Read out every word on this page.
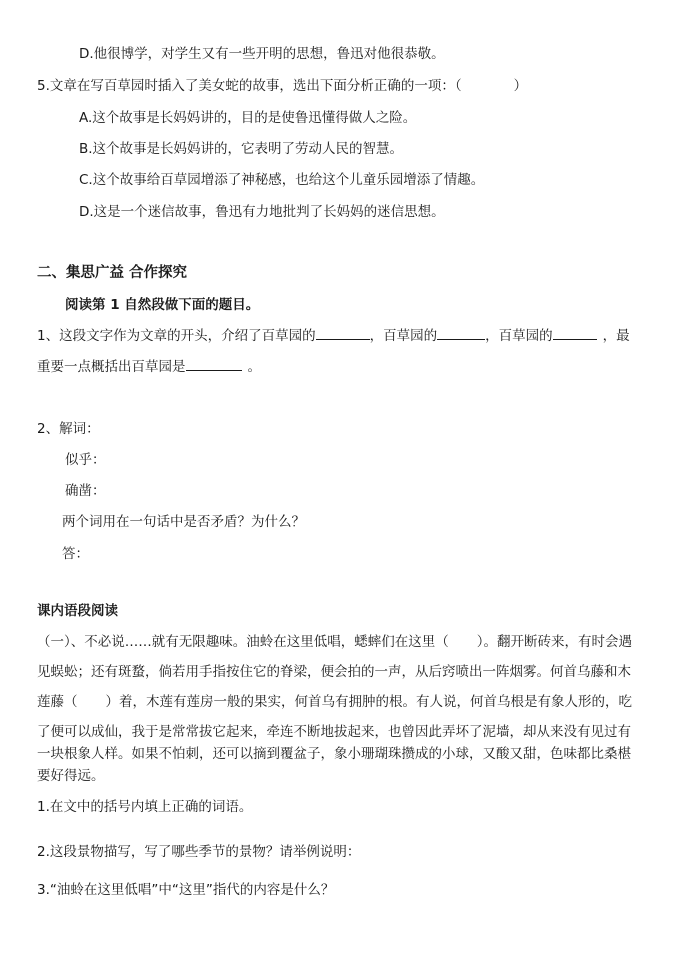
D.他很博学，对学生又有一些开明的思想，鲁迅对他很恭敬。
5.文章在写百草园时插入了美女蛇的故事，选出下面分析正确的一项：（	）
A.这个故事是长妈妈讲的，目的是使鲁迅懂得做人之险。
B.这个故事是长妈妈讲的，它表明了劳动人民的智慧。
C.这个故事给百草园增添了神秘感，也给这个儿童乐园增添了情趣。
D.这是一个迷信故事，鲁迅有力地批判了长妈妈的迷信思想。
二、集思广益 合作探究
阅读第 1 自然段做下面的题目。
1、这段文字作为文章的开头，介绍了百草园的	，百草园的	，百草园的	，最
重要一点概括出百草园是	。
2、解词：
似乎：
确凿：
两个词用在一句话中是否矛盾？为什么？
答：
课内语段阅读
（一）、不必说……就有无限趣味。油蛉在这里低唱，蟋蟀们在这里（ ）。翻开断砖来，有时会遇
见蜈蚣；还有斑蝥，倘若用手指按住它的脊梁，便会拍的一声，从后窍喷出一阵烟雾。何首乌藤和木
莲藤（ ）着，木莲有莲房一般的果实，何首乌有拥肿的根。有人说，何首乌根是有象人形的，吃
了便可以成仙，我于是常常拔它起来，牵连不断地拔起来，也曾因此弄坏了泥墙，却从来没有见过有
一块根象人样。如果不怕刺，还可以摘到覆盆子，象小珊瑚珠攒成的小球，又酸又甜，色味都比桑椹
要好得远。
1.在文中的括号内填上正确的词语。
2.这段景物描写，写了哪些季节的景物？请举例说明：
3.“油蛉在这里低唱”中“这里”指代的内容是什么？
